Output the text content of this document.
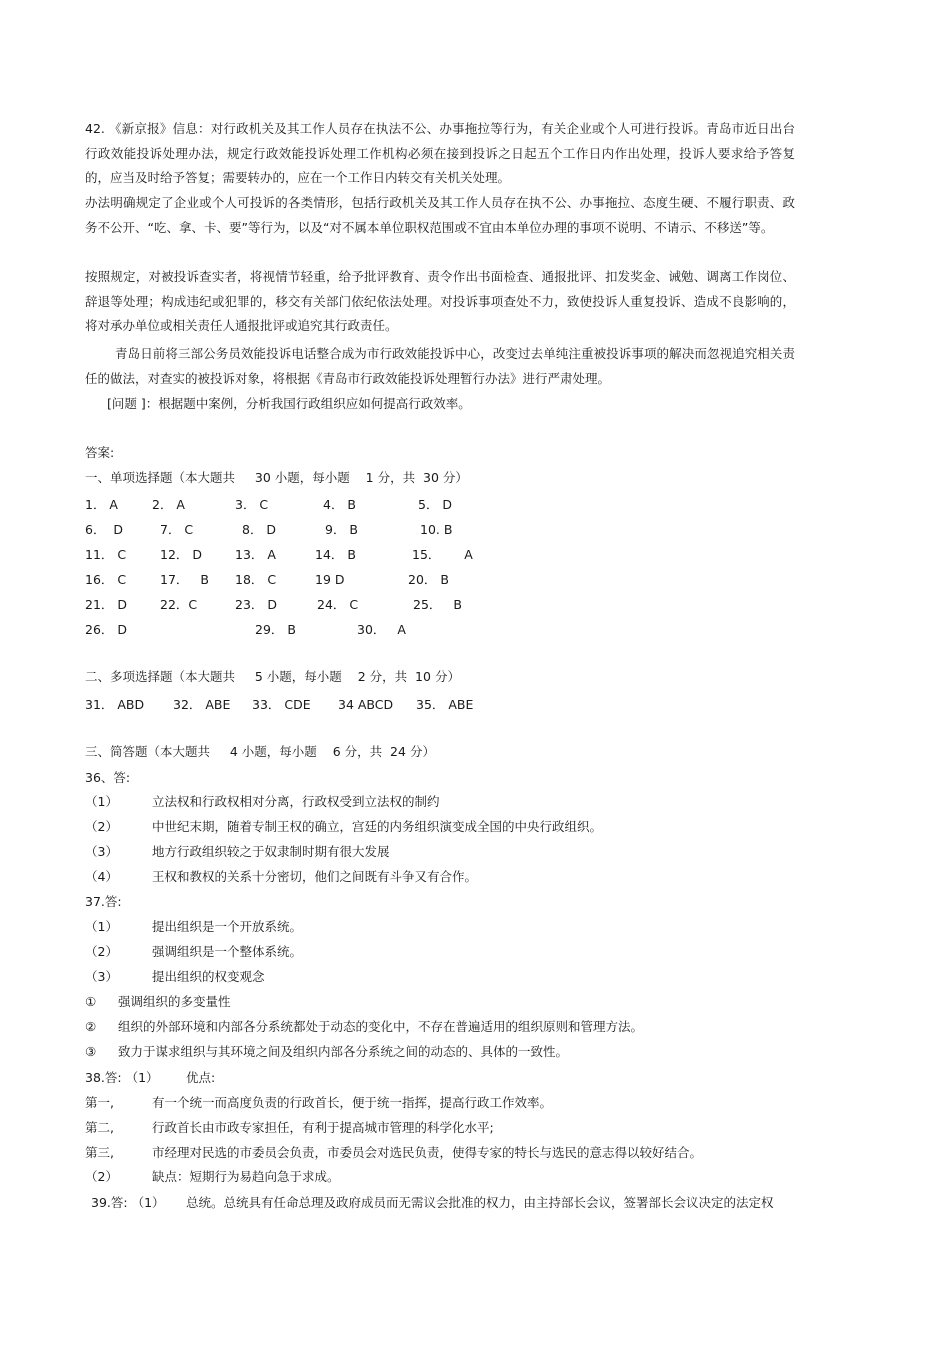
42. 《新京报》信息：对行政机关及其工作人员存在执法不公、办事拖拉等行为，有关企业或个人可进行投诉。青岛市近日出台行政效能投诉处理办法，规定行政效能投诉处理工作机构必须在接到投诉之日起五个工作日内作出处理，投诉人要求给予答复的，应当及时给予答复；需要转办的，应在一个工作日内转交有关机关处理。
办法明确规定了企业或个人可投诉的各类情形，包括行政机关及其工作人员存在执不公、办事拖拉、态度生硬、不履行职责、政务不公开、“吃、拿、卡、要”等行为，以及“对不属本单位职权范围或不宜由本单位办理的事项不说明、不请示、不移送”等。
按照规定，对被投诉查实者，将视情节轻重，给予批评教育、责令作出书面检查、通报批评、扣发奖金、诫勉、调离工作岗位、辞退等处理；构成违纪或犯罪的，移交有关部门依纪依法处理。对投诉事项查处不力，致使投诉人重复投诉、造成不良影响的，将对承办单位或相关责任人通报批评或追究其行政责任。
青岛日前将三部公务员效能投诉电话整合成为市行政效能投诉中心，改变过去单纯注重被投诉事项的解决而忽视追究相关责任的做法，对查实的被投诉对象，将根据《青岛市行政效能投诉处理暂行办法》进行严肃处理。
[问题 ]：根据题中案例，分析我国行政组织应如何提高行政效率。
答案:
一、单项选择题（本大题共     30 小题，每小题    1 分，共  30 分）
1． A	2． A	3． C	4． B	5． D
6．  D	7． C	8． D	9． B	10. B
11． C	12． D	13． A	14． B	15．      A
16． C	17．   B 18． C	19 D	20． B
21． D	22．C	23． D	24． C	25．   B
26． D	29． B	30．   A
二、多项选择题（本大题共     5 小题，每小题    2 分，共  10 分）
31． ABD 32． ABE 33． CDE 34 ABCD 35． ABE
三、简答题（本大题共     4 小题，每小题    6 分，共  24 分）
36、答:
（1）	立法权和行政权相对分离，行政权受到立法权的制约
（2）	中世纪末期，随着专制王权的确立，宫廷的内务组织演变成全国的中央行政组织。
（3）	地方行政组织较之于奴隶制时期有很大发展
（4）	王权和教权的关系十分密切，他们之间既有斗争又有合作。
37.答:
（1）	提出组织是一个开放系统。
（2）	强调组织是一个整体系统。
（3）	提出组织的权变观念
① 强调组织的多变量性
② 组织的外部环境和内部各分系统都处于动态的变化中，不存在普遍适用的组织原则和管理方法。
③ 致力于谋求组织与其环境之间及组织内部各分系统之间的动态的、具体的一致性。
38.答: （1） 优点:
第一,	有一个统一而高度负责的行政首长，便于统一指挥，提高行政工作效率。
第二,	行政首长由市政专家担任，有利于提高城市管理的科学化水平;
第三,	市经理对民选的市委员会负责，市委员会对选民负责，使得专家的特长与选民的意志得以较好结合。
（2）	缺点：短期行为易趋向急于求成。
39.答: （1） 总统。总统具有任命总理及政府成员而无需议会批准的权力，由主持部长会议，签署部长会议决定的法定权
